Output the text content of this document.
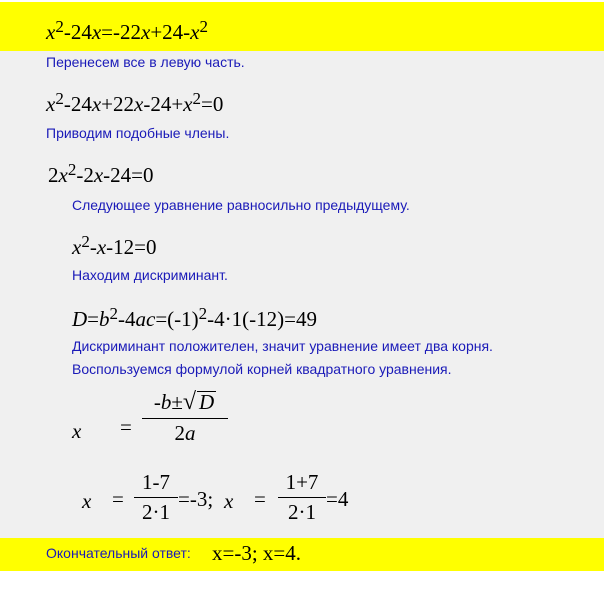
$x^2-24x=-22x+24-x^2$
Перенесем все в левую часть.
$x^2-24x+22x-24+x^2=0$
Приводим подобные члены.
$2x^2-2x-24=0$
Следующее уравнение равносильно предыдущему.
$x^2-x-12=0$
Находим дискриминант.
$D=b^2-4ac=(-1)^2-4\cdot 1(-12)=49$
Дискриминант положителен, значит уравнение имеет два корня.
Воспользуемся формулой корней квадратного уравнения.
x =
-b±√ D
2a
x =
1-7
2·1
=-3; x =
1+7
2·1
=4
Окончательный ответ: x=-3; x=4.
